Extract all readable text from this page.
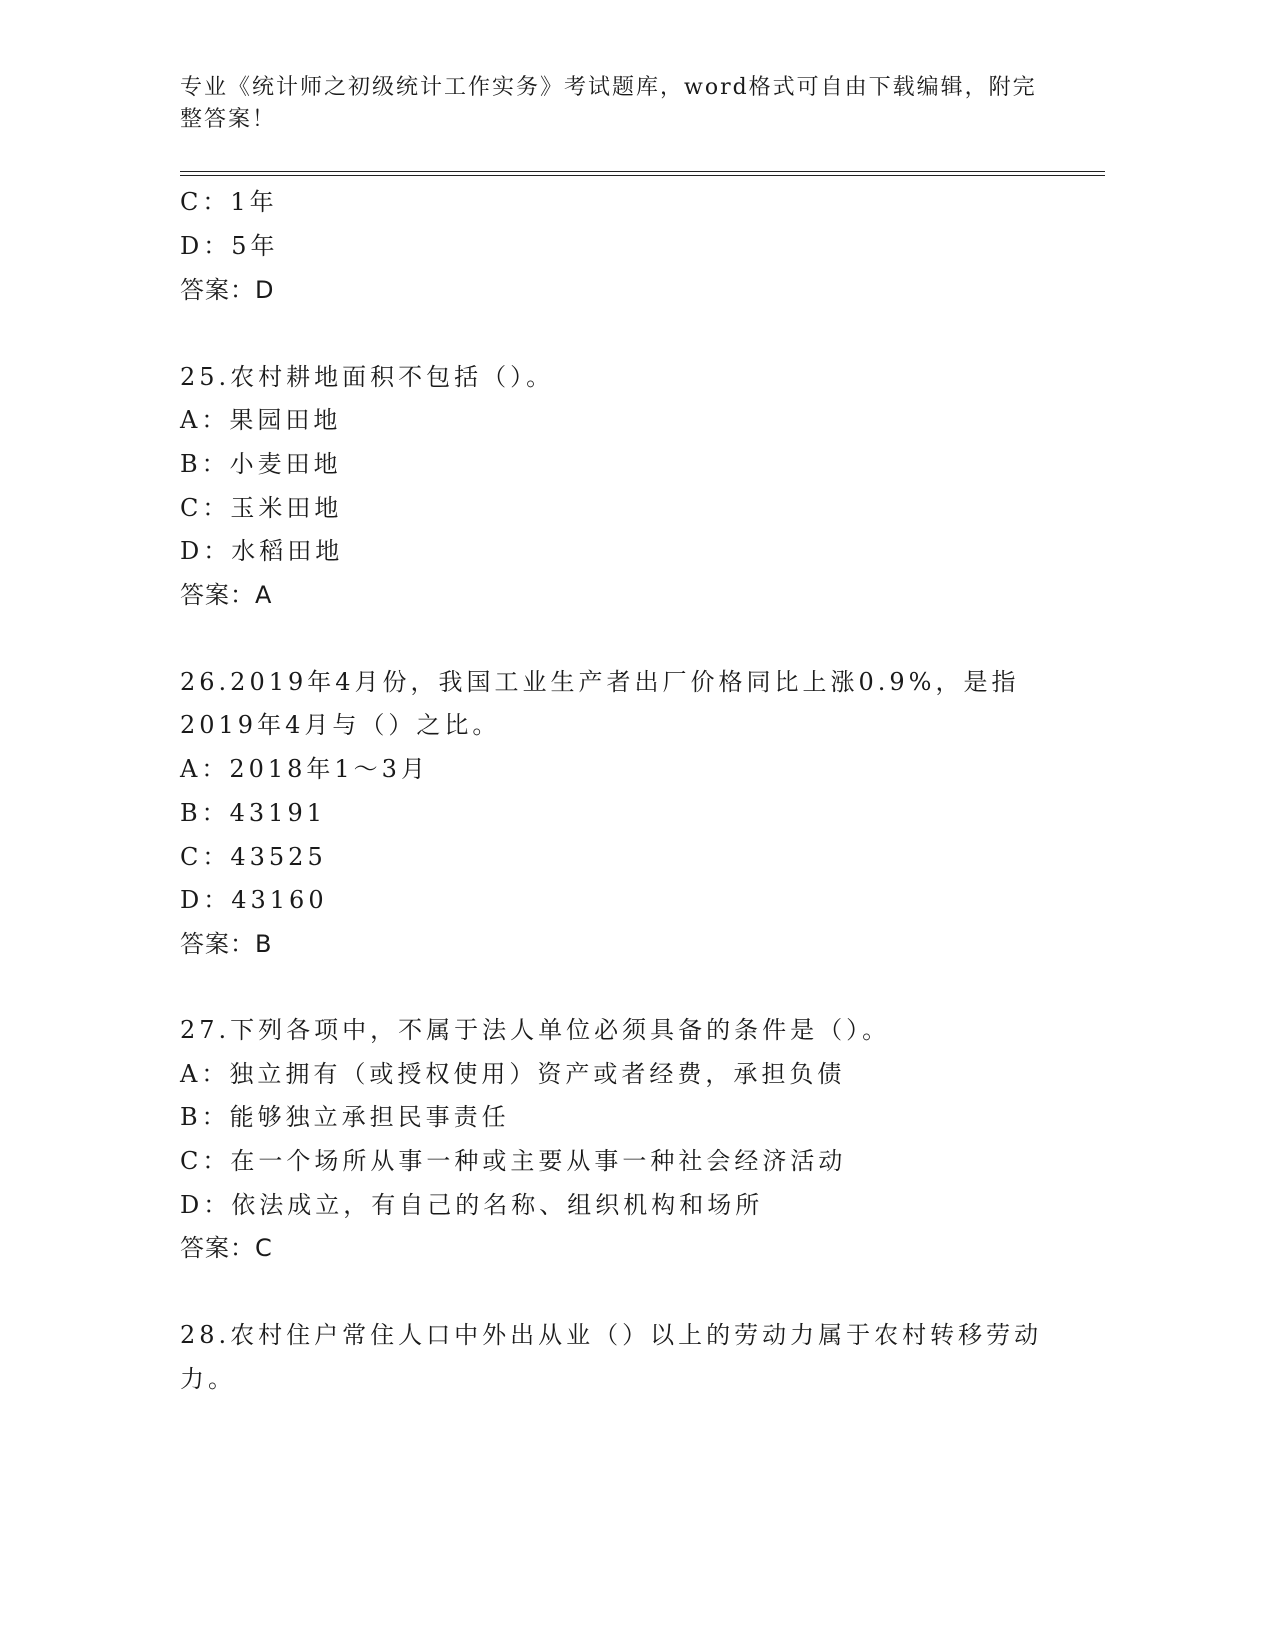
专业《统计师之初级统计工作实务》考试题库，word格式可自由下载编辑，附完
整答案！
C：1年
D：5年
答案：D
25.农村耕地面积不包括（）。
A：果园田地
B：小麦田地
C：玉米田地
D：水稻田地
答案：A
26.2019年4月份，我国工业生产者出厂价格同比上涨0.9%，是指
2019年4月与（）之比。
A：2018年1～3月
B：43191
C：43525
D：43160
答案：B
27.下列各项中，不属于法人单位必须具备的条件是（）。
A：独立拥有（或授权使用）资产或者经费，承担负债
B：能够独立承担民事责任
C：在一个场所从事一种或主要从事一种社会经济活动
D：依法成立，有自己的名称、组织机构和场所
答案：C
28.农村住户常住人口中外出从业（）以上的劳动力属于农村转移劳动
力。
